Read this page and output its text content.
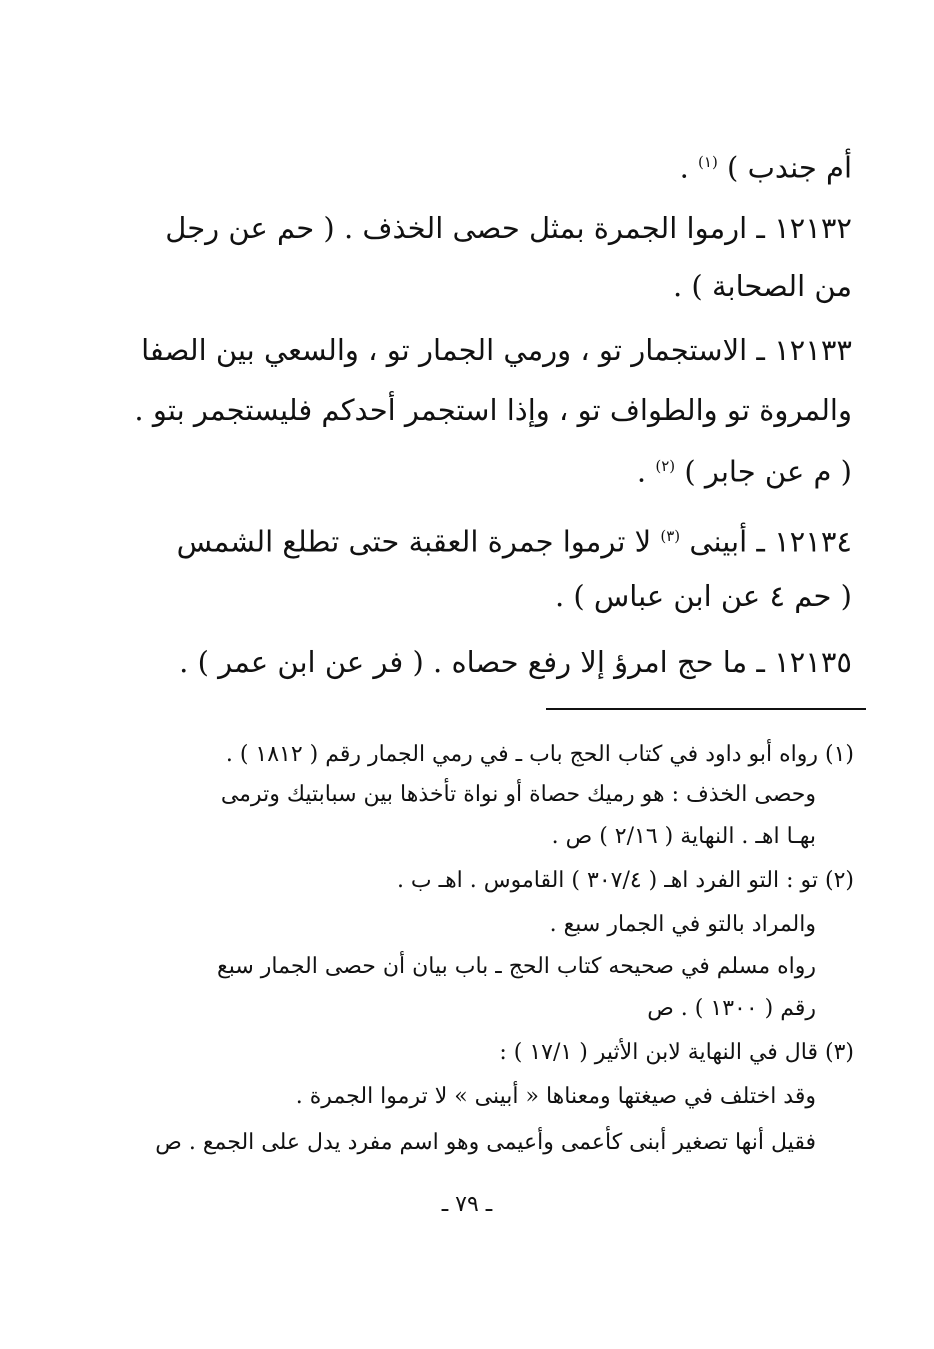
أم جندب ) $^{(١)}$ .
١٢١٣٢ ـ ارموا الجمرة بمثل حصى الخذف . ( حم عن رجل
من الصحابة ) .
١٢١٣٣ ـ الاستجمار تو ، ورمي الجمار تو ، والسعي بين الصفا
والمروة تو والطواف تو ، وإذا استجمر أحدكم فليستجمر بتو .
( م عن جابر ) $^{(٢)}$ .
١٢١٣٤ ـ أبينى $^{(٣)}$ لا ترموا جمرة العقبة حتى تطلع الشمس
( حم ٤ عن ابن عباس ) .
١٢١٣٥ ـ ما حج امرؤ إلا رفع حصاه . ( فر عن ابن عمر ) .
(١) رواه أبو داود في كتاب الحج باب ـ في رمي الجمار رقم ( ١٨١٢ ) .
وحصى الخذف : هو رميك حصاة أو نواة تأخذها بين سبابتيك وترمى
بهـا اهـ . النهاية ( ٢/١٦ ) ص .
(٢) تو : التو الفرد اهـ ( ٣٠٧/٤ ) القاموس . اهـ ب .
والمراد بالتو في الجمار سبع .
رواه مسلم في صحيحه كتاب الحج ـ باب بيان أن حصى الجمار سبع
رقم ( ١٣٠٠ ) . ص
(٣) قال في النهاية لابن الأثير ( ١٧/١ ) :
وقد اختلف في صيغتها ومعناها « أبينى » لا ترموا الجمرة .
فقيل أنها تصغير أبنى كأعمى وأعيمى وهو اسم مفرد يدل على الجمع . ص
ـ ٧٩ ـ
